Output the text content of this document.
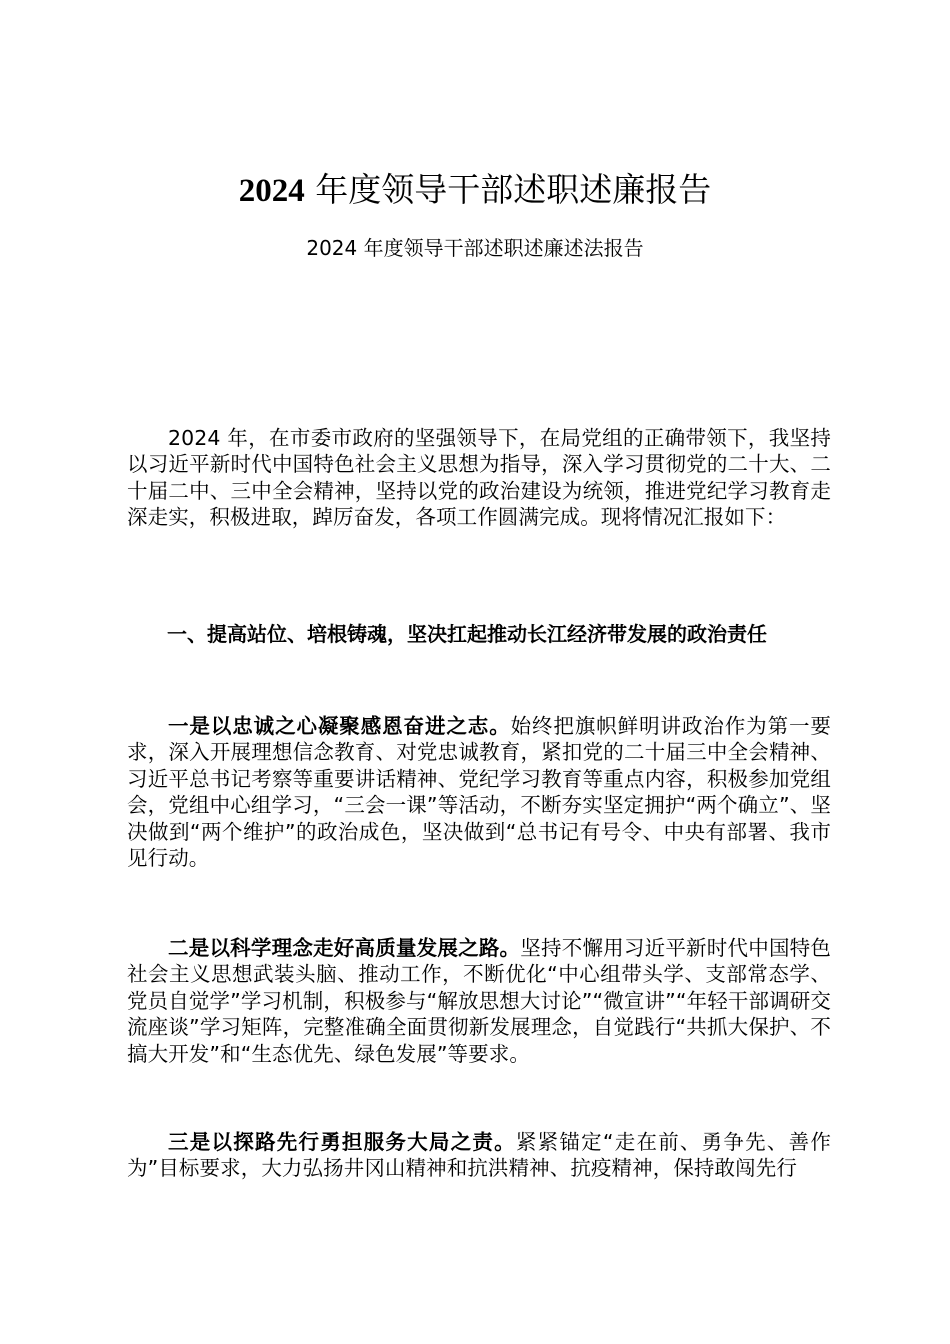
2024 年度领导干部述职述廉报告

2024 年度领导干部述职述廉述法报告

2024 年，在市委市政府的坚强领导下，在局党组的正确带领下，我坚持以习近平新时代中国特色社会主义思想为指导，深入学习贯彻党的二十大、二十届二中、三中全会精神，坚持以党的政治建设为统领，推进党纪学习教育走深走实，积极进取，踔厉奋发，各项工作圆满完成。现将情况汇报如下：

一、提高站位、培根铸魂，坚决扛起推动长江经济带发展的政治责任

一是以忠诚之心凝聚感恩奋进之志。始终把旗帜鲜明讲政治作为第一要求，深入开展理想信念教育、对党忠诚教育，紧扣党的二十届三中全会精神、习近平总书记考察等重要讲话精神、党纪学习教育等重点内容，积极参加党组会，党组中心组学习，“三会一课”等活动，不断夯实坚定拥护“两个确立”、坚决做到“两个维护”的政治成色，坚决做到“总书记有号令、中央有部署、我市见行动。

二是以科学理念走好高质量发展之路。坚持不懈用习近平新时代中国特色社会主义思想武装头脑、推动工作，不断优化“中心组带头学、支部常态学、党员自觉学”学习机制，积极参与“解放思想大讨论”“微宣讲”“年轻干部调研交流座谈”学习矩阵，完整准确全面贯彻新发展理念，自觉践行“共抓大保护、不搞大开发”和“生态优先、绿色发展”等要求。

三是以探路先行勇担服务大局之责。紧紧锚定“走在前、勇争先、善作为”目标要求，大力弘扬井冈山精神和抗洪精神、抗疫精神，保持敢闯先行
